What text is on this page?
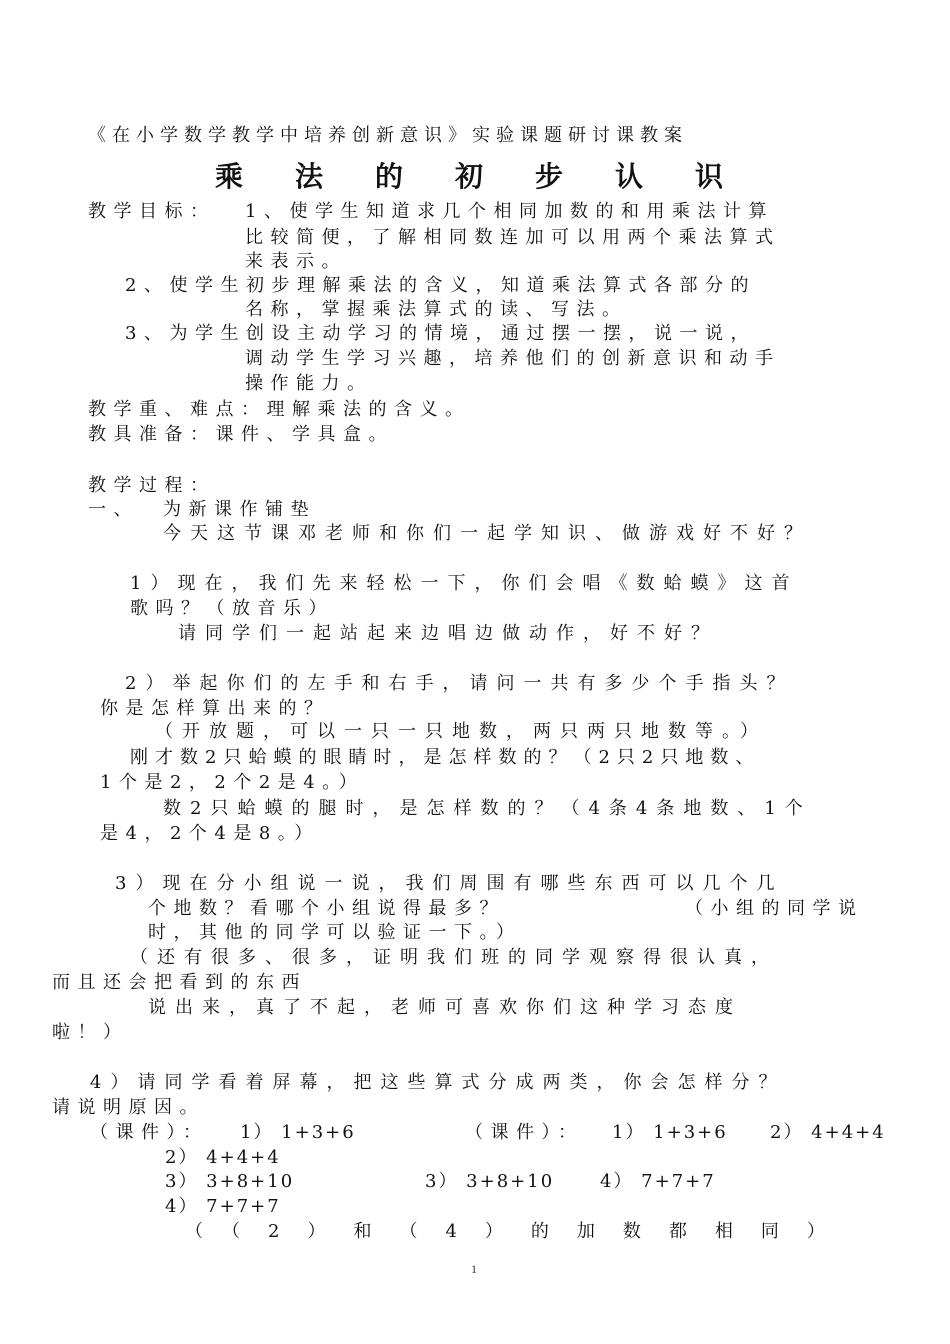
《在小学数学教学中培养创新意识》实验课题研讨课教案
乘法的初步认识
教学目标： 1、使学生知道求几个相同加数的和用乘法计算
比较简便，了解相同数连加可以用两个乘法算式
来表示。
2、使学生初步理解乘法的含义，知道乘法算式各部分的
名称，掌握乘法算式的读、写法。
3、为学生创设主动学习的情境，通过摆一摆，说一说，
调动学生学习兴趣，培养他们的创新意识和动手
操作能力。
教学重、难点：理解乘法的含义。
教具准备：课件、学具盒。
教学过程：
一、 为新课作铺垫
今天这节课邓老师和你们一起学知识、做游戏好不好？
1）现在，我们先来轻松一下，你们会唱《数蛤蟆》这首
歌吗？（放音乐）
请同学们一起站起来边唱边做动作，好不好？
2）举起你们的左手和右手，请问一共有多少个手指头？
你是怎样算出来的？
（开放题，可以一只一只地数，两只两只地数等。）
刚才数2只蛤蟆的眼睛时，是怎样数的？（2只2只地数、
1个是2，2个2是4。）
数2只蛤蟆的腿时，是怎样数的？（4条4条地数、1个
是4，2个4是8。）
3）现在分小组说一说，我们周围有哪些东西可以几个几
个地数？看哪个小组说得最多？	（小组的同学说
时，其他的同学可以验证一下。）
（还有很多、很多，证明我们班的同学观察得很认真，
而且还会把看到的东西
说出来，真了不起，老师可喜欢你们这种学习态度
啦！）
4）请同学看着屏幕，把这些算式分成两类，你会怎样分？
请说明原因。
（课件）： 1） 1+3+6
2） 4+4+4
3） 3+8+10
4） 7+7+7
（课件）： 1） 1+3+6 2） 4+4+4
3） 3+8+10	4） 7+7+7
（（2）和（4）的加数都相同）
1
